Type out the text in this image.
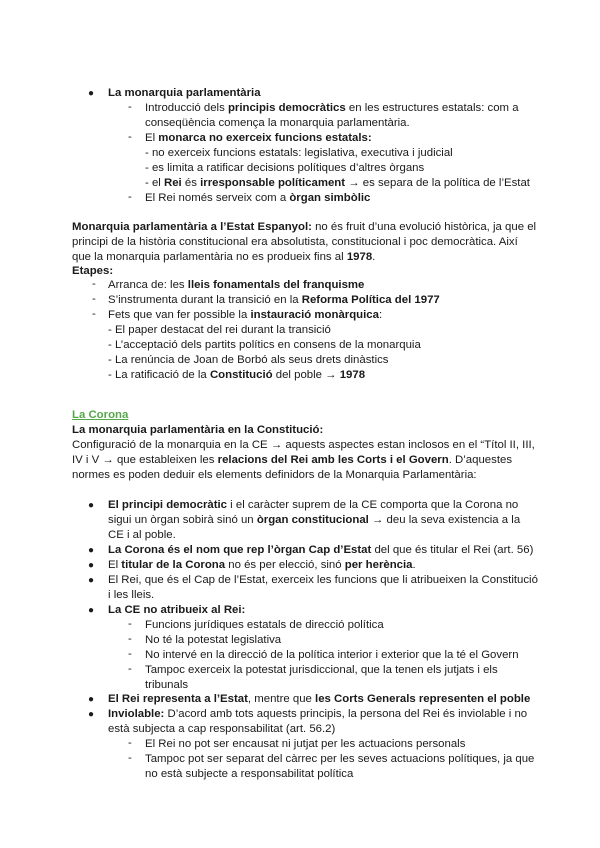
● La monarquia parlamentària
- Introducció dels principis democràtics en les estructures estatals: com a
conseqüència comença la monarquia parlamentària.
- El monarca no exerceix funcions estatals:
- no exerceix funcions estatals: legislativa, executiva i judicial
- es limita a ratificar decisions polítiques d’altres òrgans
- el Rei és irresponsable políticament → es separa de la política de l’Estat
- El Rei només serveix com a òrgan simbòlic
Monarquia parlamentària a l’Estat Espanyol: no és fruit d’una evolució històrica, ja que el
principi de la història constitucional era absolutista, constitucional i poc democràtica. Així
que la monarquia parlamentària no es produeix fins al 1978.
Etapes:
- Arranca de: les lleis fonamentals del franquisme
- S’instrumenta durant la transició en la Reforma Política del 1977
- Fets que van fer possible la instauració monàrquica:
- El paper destacat del rei durant la transició
- L’acceptació dels partits polítics en consens de la monarquia
- La renúncia de Joan de Borbó als seus drets dinàstics
- La ratificació de la Constitució del poble → 1978
La Corona
La monarquia parlamentària en la Constitució:
Configuració de la monarquia en la CE → aquests aspectes estan inclosos en el “Títol II, III,
IV i V → que estableixen les relacions del Rei amb les Corts i el Govern. D’aquestes
normes es poden deduir els elements definidors de la Monarquia Parlamentària:
● El principi democràtic i el caràcter suprem de la CE comporta que la Corona no
sigui un òrgan sobirà sinó un òrgan constitucional → deu la seva existencia a la
CE i al poble.
● La Corona és el nom que rep l’òrgan Cap d’Estat del que és titular el Rei (art. 56)
● El titular de la Corona no és per elecció, sinó per herència.
● El Rei, que és el Cap de l’Estat, exerceix les funcions que li atribueixen la Constitució
i les lleis.
● La CE no atribueix al Rei:
- Funcions jurídiques estatals de direcció política
- No té la potestat legislativa
- No intervé en la direcció de la política interior i exterior que la té el Govern
- Tampoc exerceix la potestat jurisdiccional, que la tenen els jutjats i els
tribunals
● El Rei representa a l’Estat, mentre que les Corts Generals representen el poble
● Inviolable: D’acord amb tots aquests principis, la persona del Rei és inviolable i no
està subjecta a cap responsabilitat (art. 56.2)
- El Rei no pot ser encausat ni jutjat per les actuacions personals
- Tampoc pot ser separat del càrrec per les seves actuacions polítiques, ja que
no està subjecte a responsabilitat política
